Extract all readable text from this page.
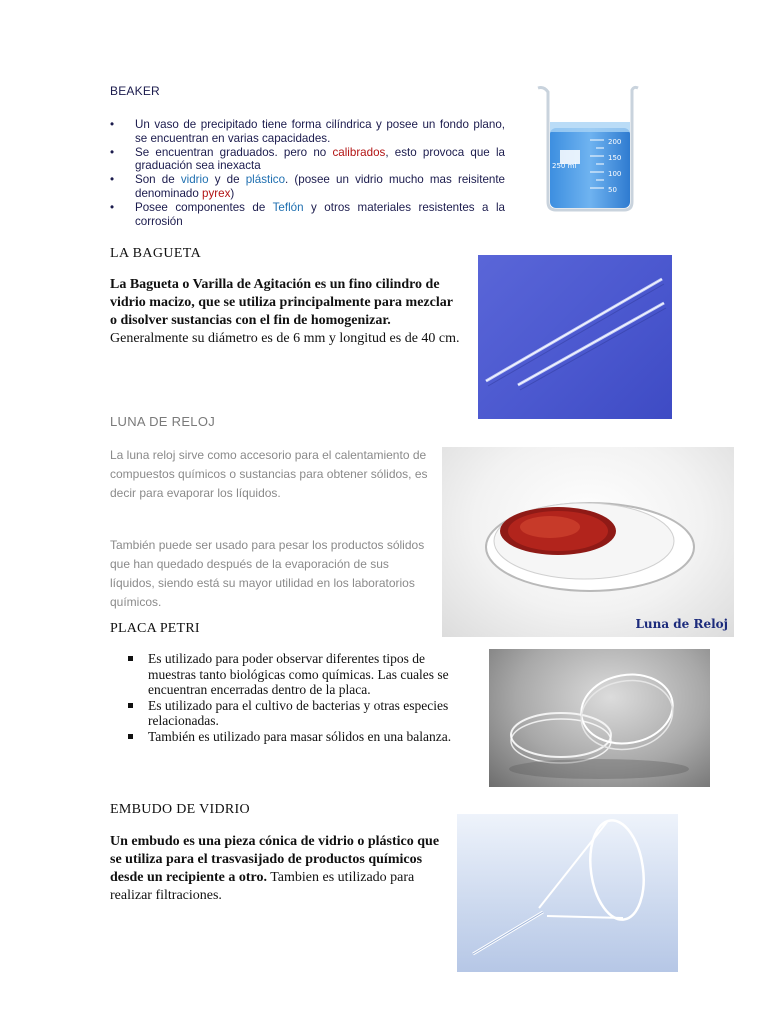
BEAKER
• Un vaso de precipitado tiene forma cilíndrica y posee un fondo plano, se encuentran en varias capacidades.
• Se encuentran graduados. pero no calibrados, esto provoca que la graduación sea inexacta
• Son de vidrio y de plástico. (posee un vidrio mucho mas reisitente denominado pyrex)
• Posee componentes de Teflón y otros materiales resistentes a la corrosión
250 ml
200
150
100
50
LA BAGUETA
La Bagueta o Varilla de Agitación es un fino cilindro de vidrio macizo, que se utiliza principalmente para mezclar o disolver sustancias con el fin de homogenizar. Generalmente su diámetro es de 6 mm y longitud es de 40 cm.
LUNA DE RELOJ
La luna reloj sirve como accesorio para el calentamiento de compuestos químicos o sustancias para obtener sólidos, es decir para evaporar los líquidos.
También puede ser usado para pesar los productos sólidos que han quedado después de la evaporación de sus líquidos, siendo está su mayor utilidad en los laboratorios químicos.
Luna de Reloj
PLACA PETRI
Es utilizado para poder observar diferentes tipos de muestras tanto biológicas como químicas. Las cuales se encuentran encerradas dentro de la placa.
Es utilizado para el cultivo de bacterias y otras especies relacionadas.
También es utilizado para masar sólidos en una balanza.
EMBUDO DE VIDRIO
Un embudo es una pieza cónica de vidrio o plástico que se utiliza para el trasvasijado de productos químicos desde un recipiente a otro. Tambien es utilizado para realizar filtraciones.
